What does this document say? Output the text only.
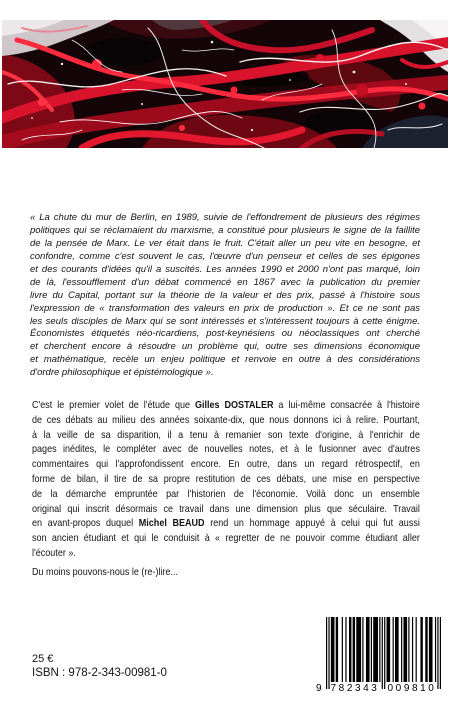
« La chute du mur de Berlin, en 1989, suivie de l'effondrement de plusieurs des régimes
politiques qui se réclamaient du marxisme, a constitué pour plusieurs le signe de la faillite
de la pensée de Marx. Le ver était dans le fruit. C'était aller un peu vite en besogne, et
confondre, comme c'est souvent le cas, l'œuvre d'un penseur et celles de ses épigones
et des courants d'idées qu'il a suscités. Les années 1990 et 2000 n'ont pas marqué, loin
de là, l'essoufflement d'un débat commencé en 1867 avec la publication du premier
livre du Capital, portant sur la théorie de la valeur et des prix, passé à l'histoire sous
l'expression de « transformation des valeurs en prix de production ». Et ce ne sont pas
les seuls disciples de Marx qui se sont intéressés et s'intéressent toujours à cette énigme.
Économistes étiquetés néo-ricardiens, post-keynésiens ou néoclassiques ont cherché
et cherchent encore à résoudre un problème qui, outre ses dimensions économique
et mathématique, recèle un enjeu politique et renvoie en outre à des considérations
d'ordre philosophique et épistémologique ».
C'est le premier volet de l'étude que Gilles DOSTALER a lui-même consacrée à l'histoire
de ces débats au milieu des années soixante-dix, que nous donnons ici à relire. Pourtant,
à la veille de sa disparition, il a tenu à remanier son texte d'origine, à l'enrichir de
pages inédites, le compléter avec de nouvelles notes, et à le fusionner avec d'autres
commentaires qui l'approfondissent encore. En outre, dans un regard rétrospectif, en
forme de bilan, il tire de sa propre restitution de ces débats, une mise en perspective
de la démarche empruntée par l'historien de l'économie. Voilà donc un ensemble
original qui inscrit désormais ce travail dans une dimension plus que séculaire. Travail
en avant-propos duquel Michel BEAUD rend un hommage appuyé à celui qui fut aussi
son ancien étudiant et qui le conduisit à « regretter de ne pouvoir comme étudiant aller
l'écouter ».
Du moins pouvons-nous le (re-)lire...
25 €
ISBN : 978-2-343-00981-0
9 782343 009810
